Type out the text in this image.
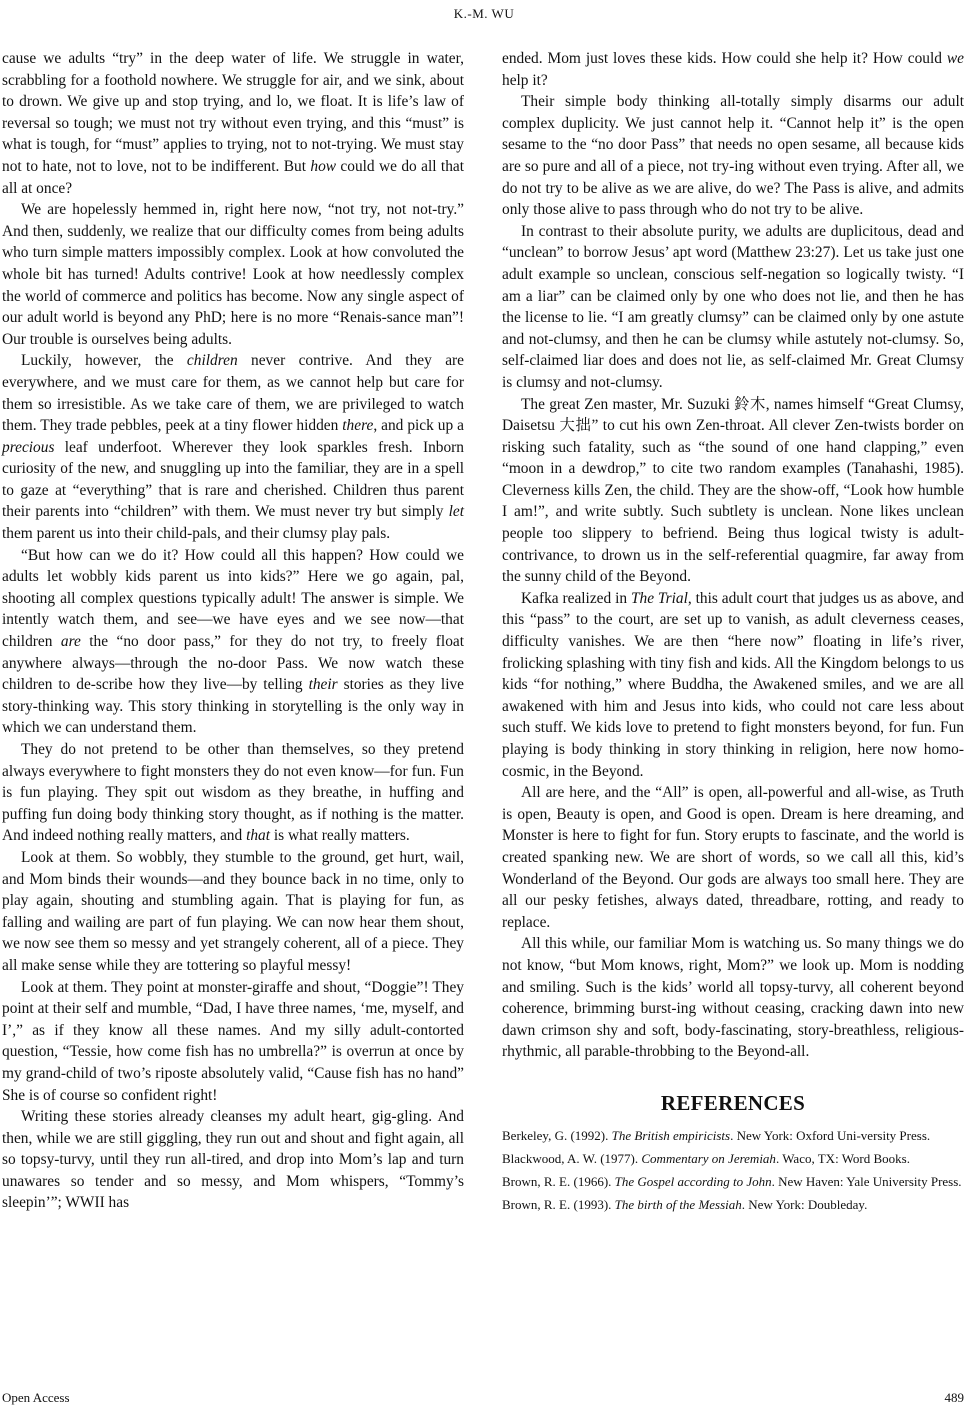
K.-M. WU

cause we adults “try” in the deep water of life. We struggle in water, scrabbling for a foothold nowhere. We struggle for air, and we sink, about to drown. We give up and stop trying, and lo, we float. It is life’s law of reversal so tough; we must not try without even trying, and this “must” is what is tough, for “must” applies to trying, not to not-trying. We must stay not to hate, not to love, not to be indifferent. But how could we do all that all at once?

We are hopelessly hemmed in, right here now, “not try, not not-try.” And then, suddenly, we realize that our difficulty comes from being adults who turn simple matters impossibly complex. Look at how convoluted the whole bit has turned! Adults contrive! Look at how needlessly complex the world of commerce and politics has become. Now any single aspect of our adult world is beyond any PhD; here is no more “Renais-sance man”! Our trouble is ourselves being adults.

Luckily, however, the children never contrive. And they are everywhere, and we must care for them, as we cannot help but care for them so irresistible. As we take care of them, we are privileged to watch them. They trade pebbles, peek at a tiny flower hidden there, and pick up a precious leaf underfoot. Wherever they look sparkles fresh. Inborn curiosity of the new, and snuggling up into the familiar, they are in a spell to gaze at “everything” that is rare and cherished. Children thus parent their parents into “children” with them. We must never try but simply let them parent us into their child-pals, and their clumsy play pals.

“But how can we do it? How could all this happen? How could we adults let wobbly kids parent us into kids?” Here we go again, pal, shooting all complex questions typically adult! The answer is simple. We intently watch them, and see—we have eyes and we see now—that children are the “no door pass,” for they do not try, to freely float anywhere always—through the no-door Pass. We now watch these children to de-scribe how they live—by telling their stories as they live story-thinking way. This story thinking in storytelling is the only way in which we can understand them.

They do not pretend to be other than themselves, so they pretend always everywhere to fight monsters they do not even know—for fun. Fun is fun playing. They spit out wisdom as they breathe, in huffing and puffing fun doing body thinking story thought, as if nothing is the matter. And indeed nothing really matters, and that is what really matters.

Look at them. So wobbly, they stumble to the ground, get hurt, wail, and Mom binds their wounds—and they bounce back in no time, only to play again, shouting and stumbling again. That is playing for fun, as falling and wailing are part of fun playing. We can now hear them shout, we now see them so messy and yet strangely coherent, all of a piece. They all make sense while they are tottering so playful messy!

Look at them. They point at monster-giraffe and shout, “Doggie”! They point at their self and mumble, “Dad, I have three names, ‘me, myself, and I’,” as if they know all these names. And my silly adult-contorted question, “Tessie, how come fish has no umbrella?” is overrun at once by my grand-child of two’s riposte absolutely valid, “Cause fish has no hand” She is of course so confident right!

Writing these stories already cleanses my adult heart, gig-gling. And then, while we are still giggling, they run out and shout and fight again, all so topsy-turvy, until they run all-tired, and drop into Mom’s lap and turn unawares so tender and so messy, and Mom whispers, “Tommy’s sleepin’”; WWII has

ended. Mom just loves these kids. How could she help it? How could we help it?

Their simple body thinking all-totally simply disarms our adult complex duplicity. We just cannot help it. “Cannot help it” is the open sesame to the “no door Pass” that needs no open sesame, all because kids are so pure and all of a piece, not try-ing without even trying. After all, we do not try to be alive as we are alive, do we? The Pass is alive, and admits only those alive to pass through who do not try to be alive.

In contrast to their absolute purity, we adults are duplicitous, dead and “unclean” to borrow Jesus’ apt word (Matthew 23:27). Let us take just one adult example so unclean, conscious self-negation so logically twisty. “I am a liar” can be claimed only by one who does not lie, and then he has the license to lie. “I am greatly clumsy” can be claimed only by one astute and not-clumsy, and then he can be clumsy while astutely not-clumsy. So, self-claimed liar does and does not lie, as self-claimed Mr. Great Clumsy is clumsy and not-clumsy.

The great Zen master, Mr. Suzuki 鈴木, names himself “Great Clumsy, Daisetsu 大拙” to cut his own Zen-throat. All clever Zen-twists border on risking such fatality, such as “the sound of one hand clapping,” even “moon in a dewdrop,” to cite two random examples (Tanahashi, 1985). Cleverness kills Zen, the child. They are the show-off, “Look how humble I am!”, and write subtly. Such subtlety is unclean. None likes unclean people too slippery to befriend. Being thus logical twisty is adult-contrivance, to drown us in the self-referential quagmire, far away from the sunny child of the Beyond.

Kafka realized in The Trial, this adult court that judges us as above, and this “pass” to the court, are set up to vanish, as adult cleverness ceases, difficulty vanishes. We are then “here now” floating in life’s river, frolicking splashing with tiny fish and kids. All the Kingdom belongs to us kids “for nothing,” where Buddha, the Awakened smiles, and we are all awakened with him and Jesus into kids, who could not care less about such stuff. We kids love to pretend to fight monsters beyond, for fun. Fun playing is body thinking in story thinking in religion, here now homo-cosmic, in the Beyond.

All are here, and the “All” is open, all-powerful and all-wise, as Truth is open, Beauty is open, and Good is open. Dream is here dreaming, and Monster is here to fight for fun. Story erupts to fascinate, and the world is created spanking new. We are short of words, so we call all this, kid’s Wonderland of the Beyond. Our gods are always too small here. They are all our pesky fetishes, always dated, threadbare, rotting, and ready to replace.

All this while, our familiar Mom is watching us. So many things we do not know, “but Mom knows, right, Mom?” we look up. Mom is nodding and smiling. Such is the kids’ world all topsy-turvy, all coherent beyond coherence, brimming burst-ing without ceasing, cracking dawn into new dawn crimson shy and soft, body-fascinating, story-breathless, religious-rhythmic, all parable-throbbing to the Beyond-all.

REFERENCES
Berkeley, G. (1992). The British empiricists. New York: Oxford Uni-versity Press.
Blackwood, A. W. (1977). Commentary on Jeremiah. Waco, TX: Word Books.
Brown, R. E. (1966). The Gospel according to John. New Haven: Yale University Press.
Brown, R. E. (1993). The birth of the Messiah. New York: Doubleday.
Open Access	489
